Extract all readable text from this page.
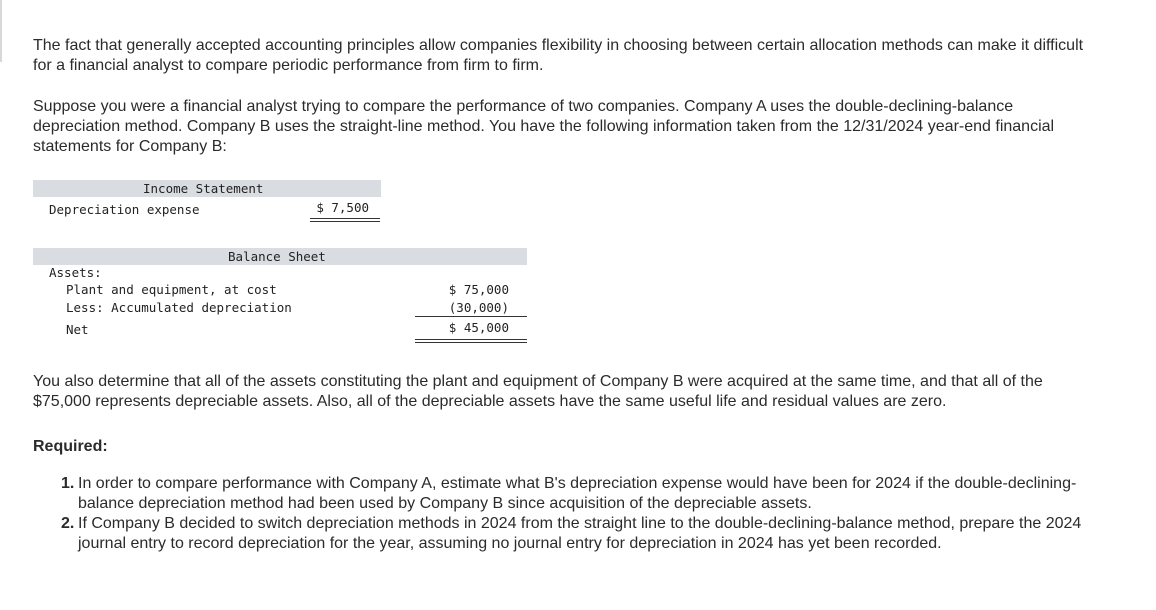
The fact that generally accepted accounting principles allow companies flexibility in choosing between certain allocation methods can make it difficult for a financial analyst to compare periodic performance from firm to firm.

Suppose you were a financial analyst trying to compare the performance of two companies. Company A uses the double-declining-balance depreciation method. Company B uses the straight-line method. You have the following information taken from the 12/31/2024 year-end financial statements for Company B:

Income Statement
Depreciation expense	$ 7,500
Balance Sheet
Assets:
Plant and equipment, at cost	$ 75,000
Less: Accumulated depreciation	(30,000)
Net	$ 45,000

You also determine that all of the assets constituting the plant and equipment of Company B were acquired at the same time, and that all of the $75,000 represents depreciable assets. Also, all of the depreciable assets have the same useful life and residual values are zero.

Required:
1. In order to compare performance with Company A, estimate what B's depreciation expense would have been for 2024 if the double-declining-balance depreciation method had been used by Company B since acquisition of the depreciable assets.
2. If Company B decided to switch depreciation methods in 2024 from the straight line to the double-declining-balance method, prepare the 2024 journal entry to record depreciation for the year, assuming no journal entry for depreciation in 2024 has yet been recorded.
